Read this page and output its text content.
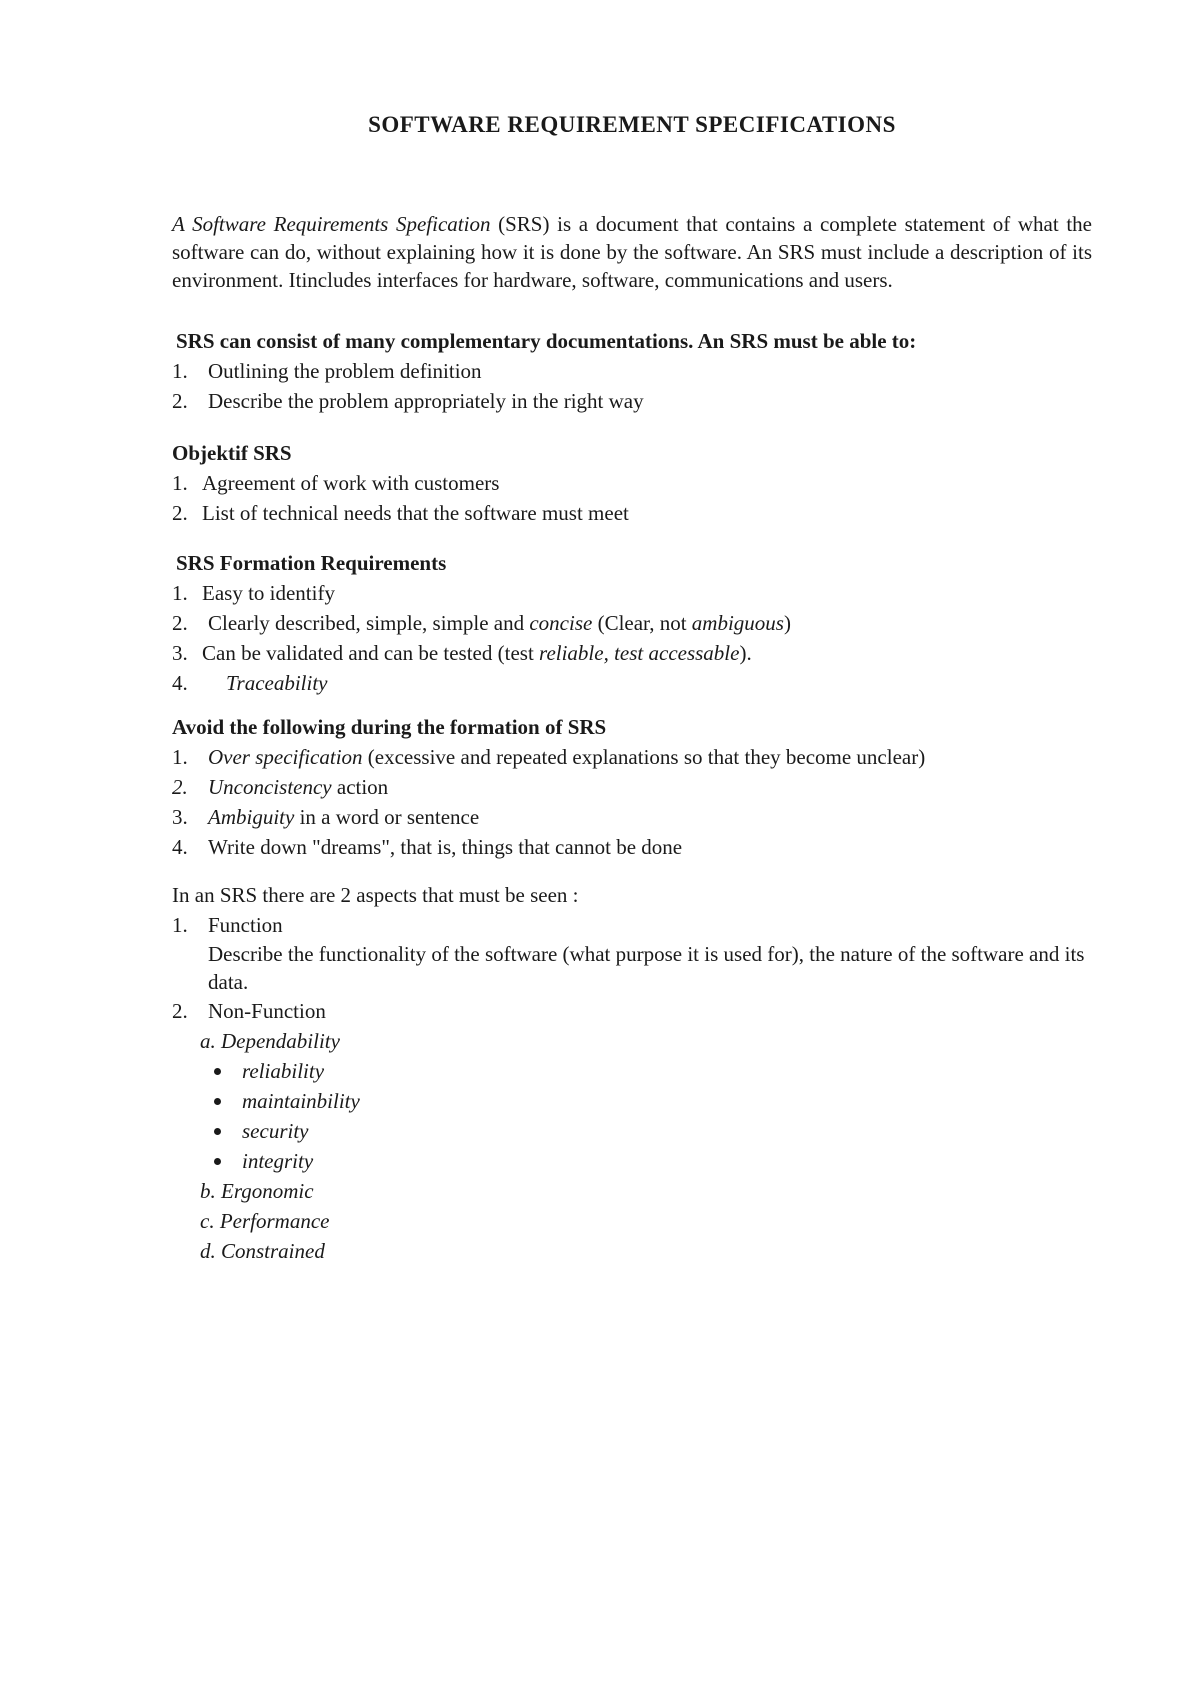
SOFTWARE REQUIREMENT SPECIFICATIONS

A Software Requirements Spefication (SRS) is a document that contains a complete statement of what the software can do, without explaining how it is done by the software. An SRS must include a description of its environment. Itincludes interfaces for hardware, software, communications and users.

SRS can consist of many complementary documentations. An SRS must be able to:

1. Outlining the problem definition
2. Describe the problem appropriately in the right way

Objektif SRS

1. Agreement of work with customers
2. List of technical needs that the software must meet

SRS Formation Requirements

1. Easy to identify
2. Clearly described, simple, simple and concise (Clear, not ambiguous)
3. Can be validated and can be tested (test reliable, test accessable).
4.	Traceability

Avoid the following during the formation of SRS

1. Over specification (excessive and repeated explanations so that they become unclear)
2. Unconcistency action
3. Ambiguity in a word or sentence
4. Write down "dreams", that is, things that cannot be done

In an SRS there are 2 aspects that must be seen :

1. Function
Describe the functionality of the software (what purpose it is used for), the nature of the software and its data.
2. Non-Function
a. Dependability
reliability
maintainbility
security
integrity
b. Ergonomic
c. Performance
d. Constrained
